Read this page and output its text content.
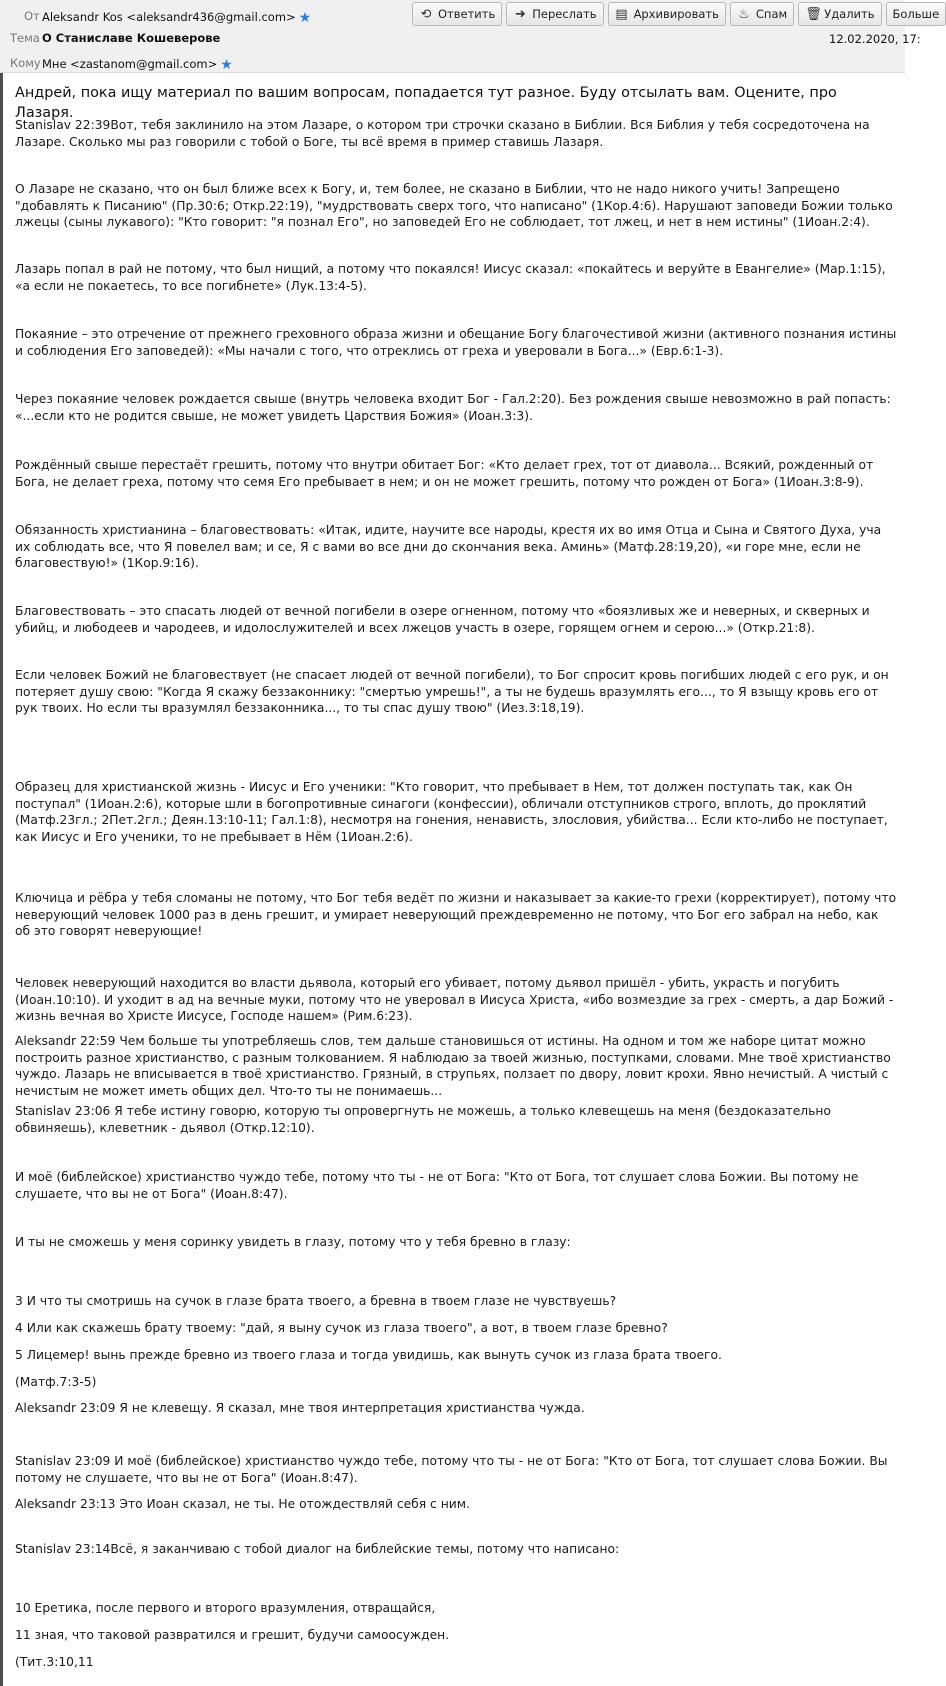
От Aleksandr Kos <aleksandr436@gmail.com> ★	⟲ Ответить ➜ Переслать ▤ Архивировать ♨ Спам 🗑 Удалить Больше
Тема О Станиславе Кошеверове	12.02.2020, 17:
Кому Мне <zastanom@gmail.com> ★
Андрей, пока ищу материал по вашим вопросам, попадается тут разное. Буду отсылать вам. Оцените, про Лазаря.
Stanislav 22:39Вот, тебя заклинило на этом Лазаре, о котором три строчки сказано в Библии. Вся Библия у тебя сосредоточена на Лазаре. Сколько мы раз говорили с тобой о Боге, ты всё время в пример ставишь Лазаря.
О Лазаре не сказано, что он был ближе всех к Богу, и, тем более, не сказано в Библии, что не надо никого учить! Запрещено "добавлять к Писанию" (Пр.30:6; Откр.22:19), "мудрствовать сверх того, что написано" (1Кор.4:6). Нарушают заповеди Божии только лжецы (сыны лукавого): "Кто говорит: "я познал Его", но заповедей Его не соблюдает, тот лжец, и нет в нем истины" (1Иоан.2:4).
Лазарь попал в рай не потому, что был нищий, а потому что покаялся! Иисус сказал: «покайтесь и веруйте в Евангелие» (Мар.1:15), «а если не покаетесь, то все погибнете» (Лук.13:4-5).
Покаяние – это отречение от прежнего греховного образа жизни и обещание Богу благочестивой жизни (активного познания истины и соблюдения Его заповедей): «Мы начали с того, что отреклись от греха и уверовали в Бога...» (Евр.6:1-3).
Через покаяние человек рождается свыше (внутрь человека входит Бог - Гал.2:20). Без рождения свыше невозможно в рай попасть: «...если кто не родится свыше, не может увидеть Царствия Божия» (Иоан.3:3).
Рождённый свыше перестаёт грешить, потому что внутри обитает Бог: «Кто делает грех, тот от диавола... Всякий, рожденный от Бога, не делает греха, потому что семя Его пребывает в нем; и он не может грешить, потому что рожден от Бога» (1Иоан.3:8-9).
Обязанность христианина – благовествовать: «Итак, идите, научите все народы, крестя их во имя Отца и Сына и Святого Духа, уча их соблюдать все, что Я повелел вам; и се, Я с вами во все дни до скончания века. Аминь» (Матф.28:19,20), «и горе мне, если не благовествую!» (1Кор.9:16).
Благовествовать – это спасать людей от вечной погибели в озере огненном, потому что «боязливых же и неверных, и скверных и убийц, и любодеев и чародеев, и идолослужителей и всех лжецов участь в озере, горящем огнем и серою...» (Откр.21:8).
Если человек Божий не благовествует (не спасает людей от вечной погибели), то Бог спросит кровь погибших людей с его рук, и он потеряет душу свою: "Когда Я скажу беззаконнику: "смертью умрешь!", а ты не будешь вразумлять его..., то Я взыщу кровь его от рук твоих. Но если ты вразумлял беззаконника..., то ты спас душу твою" (Иез.3:18,19).
Образец для христианской жизнь - Иисус и Его ученики: "Кто говорит, что пребывает в Нем, тот должен поступать так, как Он поступал" (1Иоан.2:6), которые шли в богопротивные синагоги (конфессии), обличали отступников строго, вплоть, до проклятий (Матф.23гл.; 2Пет.2гл.; Деян.13:10-11; Гал.1:8), несмотря на гонения, ненависть, злословия, убийства... Если кто-либо не поступает, как Иисус и Его ученики, то не пребывает в Нём (1Иоан.2:6).
Ключица и рёбра у тебя сломаны не потому, что Бог тебя ведёт по жизни и наказывает за какие-то грехи (корректирует), потому что неверующий человек 1000 раз в день грешит, и умирает неверующий преждевременно не потому, что Бог его забрал на небо, как об это говорят неверующие!
Человек неверующий находится во власти дьявола, который его убивает, потому дьявол пришёл - убить, украсть и погубить (Иоан.10:10). И уходит в ад на вечные муки, потому что не уверовал в Иисуса Христа, «ибо возмездие за грех - смерть, а дар Божий - жизнь вечная во Христе Иисусе, Господе нашем» (Рим.6:23).
Aleksandr 22:59 Чем больше ты употребляешь слов, тем дальше становишься от истины. На одном и том же наборе цитат можно построить разное христианство, с разным толкованием. Я наблюдаю за твоей жизнью, поступками, словами. Мне твоё христианство чуждо. Лазарь не вписывается в твоё христианство. Грязный, в струпьях, ползает по двору, ловит крохи. Явно нечистый. А чистый с нечистым не может иметь общих дел. Что-то ты не понимаешь...
Stanislav 23:06 Я тебе истину говорю, которую ты опровергнуть не можешь, а только клевещешь на меня (бездоказательно обвиняешь), клеветник - дьявол (Откр.12:10).
И моё (библейское) христианство чуждо тебе, потому что ты - не от Бога: "Кто от Бога, тот слушает слова Божии. Вы потому не слушаете, что вы не от Бога" (Иоан.8:47).
И ты не сможешь у меня соринку увидеть в глазу, потому что у тебя бревно в глазу:
3 И что ты смотришь на сучок в глазе брата твоего, а бревна в твоем глазе не чувствуешь?
4 Или как скажешь брату твоему: "дай, я выну сучок из глаза твоего", а вот, в твоем глазе бревно?
5 Лицемер! вынь прежде бревно из твоего глаза и тогда увидишь, как вынуть сучок из глаза брата твоего.
(Матф.7:3-5)
Aleksandr 23:09 Я не клевещу. Я сказал, мне твоя интерпретация христианства чужда.
Stanislav 23:09 И моё (библейское) христианство чуждо тебе, потому что ты - не от Бога: "Кто от Бога, тот слушает слова Божии. Вы потому не слушаете, что вы не от Бога" (Иоан.8:47).
Aleksandr 23:13 Это Иоан сказал, не ты. Не отождествляй себя с ним.
Stanislav 23:14Всё, я заканчиваю с тобой диалог на библейские темы, потому что написано:
10 Еретика, после первого и второго вразумления, отвращайся,
11 зная, что таковой развратился и грешит, будучи самоосужден.
(Тит.3:10,11
